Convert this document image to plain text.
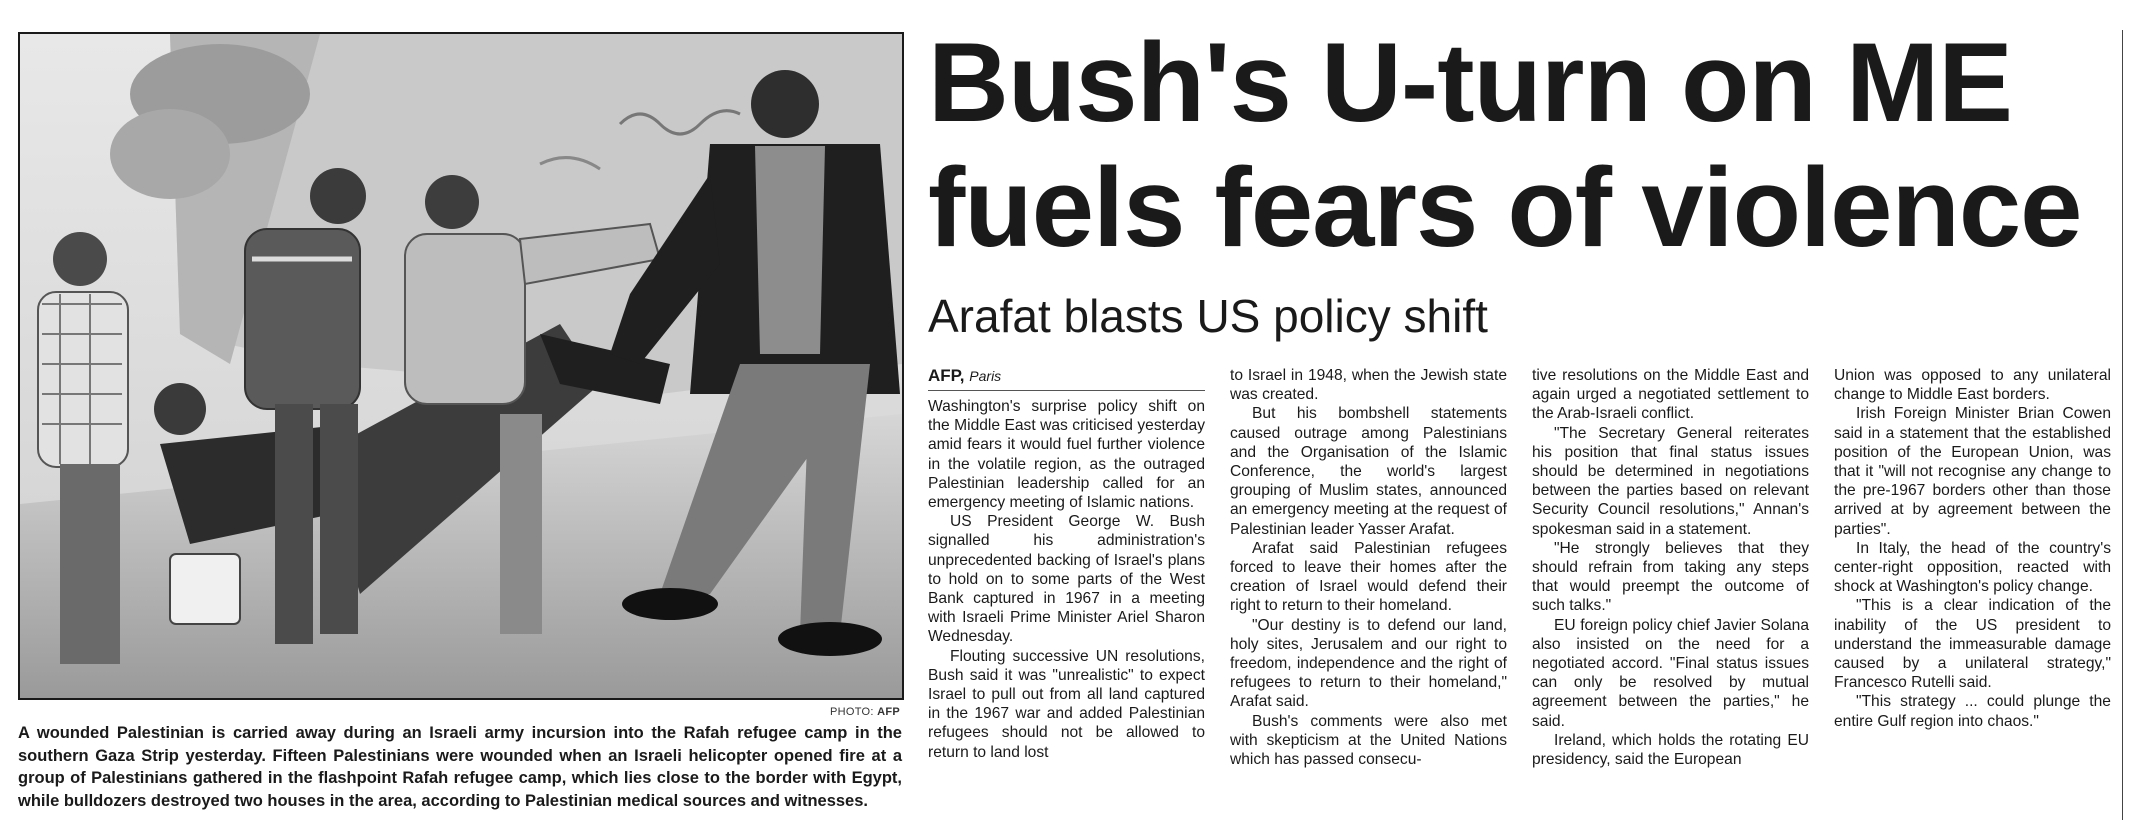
PHOTO: AFP
A wounded Palestinian is carried away during an Israeli army incursion into the Rafah refugee camp in the southern Gaza Strip yesterday. Fifteen Palestinians were wounded when an Israeli helicopter opened fire at a group of Palestinians gathered in the flashpoint Rafah refugee camp, which lies close to the border with Egypt, while bulldozers destroyed two houses in the area, according to Palestinian medical sources and witnesses.
Bush's U-turn on ME fuels fears of violence
Arafat blasts US policy shift
AFP, Paris

Washington's surprise policy shift on the Middle East was criticised yesterday amid fears it would fuel further violence in the volatile region, as the outraged Palestinian leadership called for an emergency meeting of Islamic nations.

US President George W. Bush signalled his administration's unprecedented backing of Israel's plans to hold on to some parts of the West Bank captured in 1967 in a meeting with Israeli Prime Minister Ariel Sharon Wednesday.

Flouting successive UN resolutions, Bush said it was "unrealistic" to expect Israel to pull out from all land captured in the 1967 war and added Palestinian refugees should not be allowed to return to land lost

to Israel in 1948, when the Jewish state was created.

But his bombshell statements caused outrage among Palestinians and the Organisation of the Islamic Conference, the world's largest grouping of Muslim states, announced an emergency meeting at the request of Palestinian leader Yasser Arafat.

Arafat said Palestinian refugees forced to leave their homes after the creation of Israel would defend their right to return to their homeland.

"Our destiny is to defend our land, holy sites, Jerusalem and our right to freedom, independence and the right of refugees to return to their homeland," Arafat said.

Bush's comments were also met with skepticism at the United Nations which has passed consecu-

tive resolutions on the Middle East and again urged a negotiated settlement to the Arab-Israeli conflict.

"The Secretary General reiterates his position that final status issues should be determined in negotiations between the parties based on relevant Security Council resolutions," Annan's spokesman said in a statement.

"He strongly believes that they should refrain from taking any steps that would preempt the outcome of such talks."

EU foreign policy chief Javier Solana also insisted on the need for a negotiated accord. "Final status issues can only be resolved by mutual agreement between the parties," he said.

Ireland, which holds the rotating EU presidency, said the European

Union was opposed to any unilateral change to Middle East borders.

Irish Foreign Minister Brian Cowen said in a statement that the established position of the European Union, was that it "will not recognise any change to the pre-1967 borders other than those arrived at by agreement between the parties".

In Italy, the head of the country's center-right opposition, reacted with shock at Washington's policy change.

"This is a clear indication of the inability of the US president to understand the immeasurable damage caused by a unilateral strategy," Francesco Rutelli said.

"This strategy ... could plunge the entire Gulf region into chaos."
